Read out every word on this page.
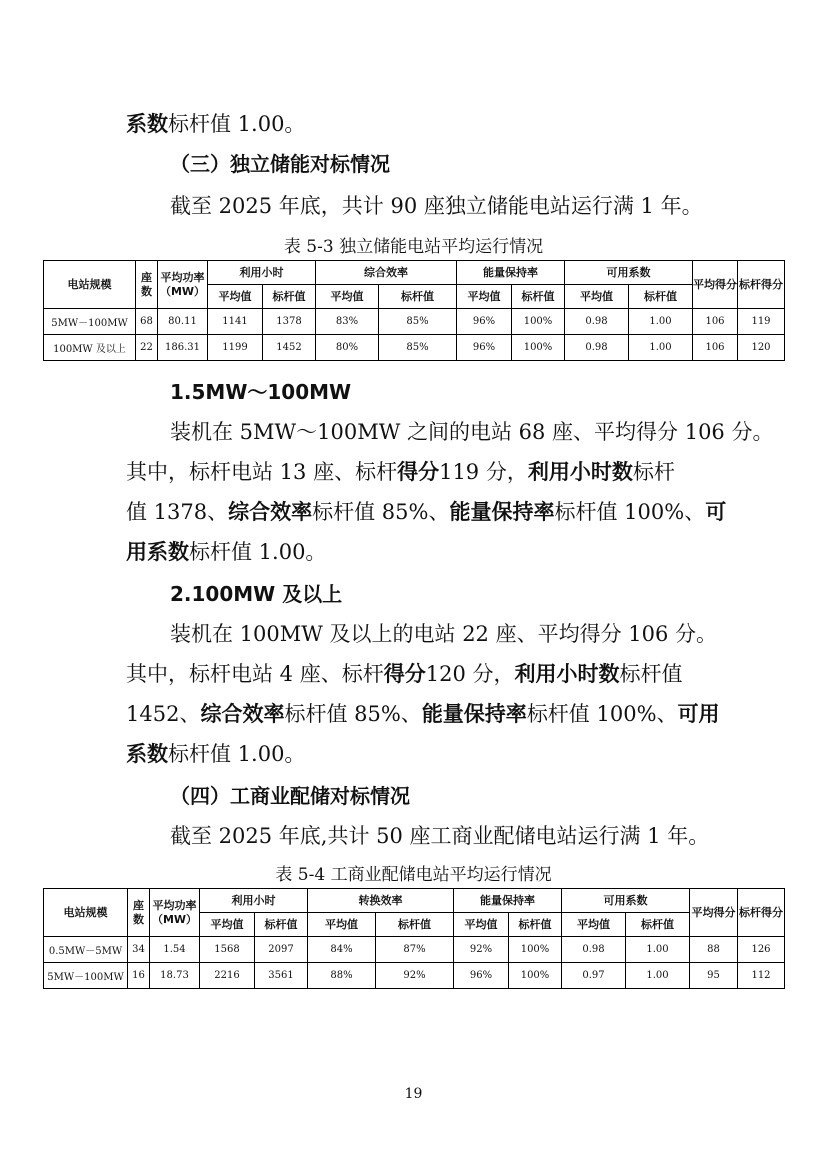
系数标杆值 1.00。
（三）独立储能对标情况
截至 2025 年底，共计 90 座独立储能电站运行满 1 年。
表 5-3 独立储能电站平均运行情况
电站规模	座数	平均功率（MW）	利用小时		综合效率		能量保持率		可用系数		平均得分	标杆得分
			平均值	标杆值	平均值	标杆值	平均值	标杆值	平均值	标杆值		
5MW－100MW	68	80.11	1141	1378	83%	85%	96%	100%	0.98	1.00	106	119
100MW 及以上	22	186.31	1199	1452	80%	85%	96%	100%	0.98	1.00	106	120
1.5MW～100MW
装机在 5MW～100MW 之间的电站 68 座、平均得分 106 分。
其中，标杆电站 13 座、标杆得分119 分，利用小时数标杆
值 1378、综合效率标杆值 85%、能量保持率标杆值 100%、可
用系数标杆值 1.00。
2.100MW 及以上
装机在 100MW 及以上的电站 22 座、平均得分 106 分。
其中，标杆电站 4 座、标杆得分120 分，利用小时数标杆值
1452、综合效率标杆值 85%、能量保持率标杆值 100%、可用
系数标杆值 1.00。
（四）工商业配储对标情况
截至 2025 年底,共计 50 座工商业配储电站运行满 1 年。
表 5-4 工商业配储电站平均运行情况
电站规模	座数	平均功率（MW）	利用小时		转换效率		能量保持率		可用系数		平均得分	标杆得分
			平均值	标杆值	平均值	标杆值	平均值	标杆值	平均值	标杆值		
0.5MW－5MW	34	1.54	1568	2097	84%	87%	92%	100%	0.98	1.00	88	126
5MW－100MW	16	18.73	2216	3561	88%	92%	96%	100%	0.97	1.00	95	112
19
